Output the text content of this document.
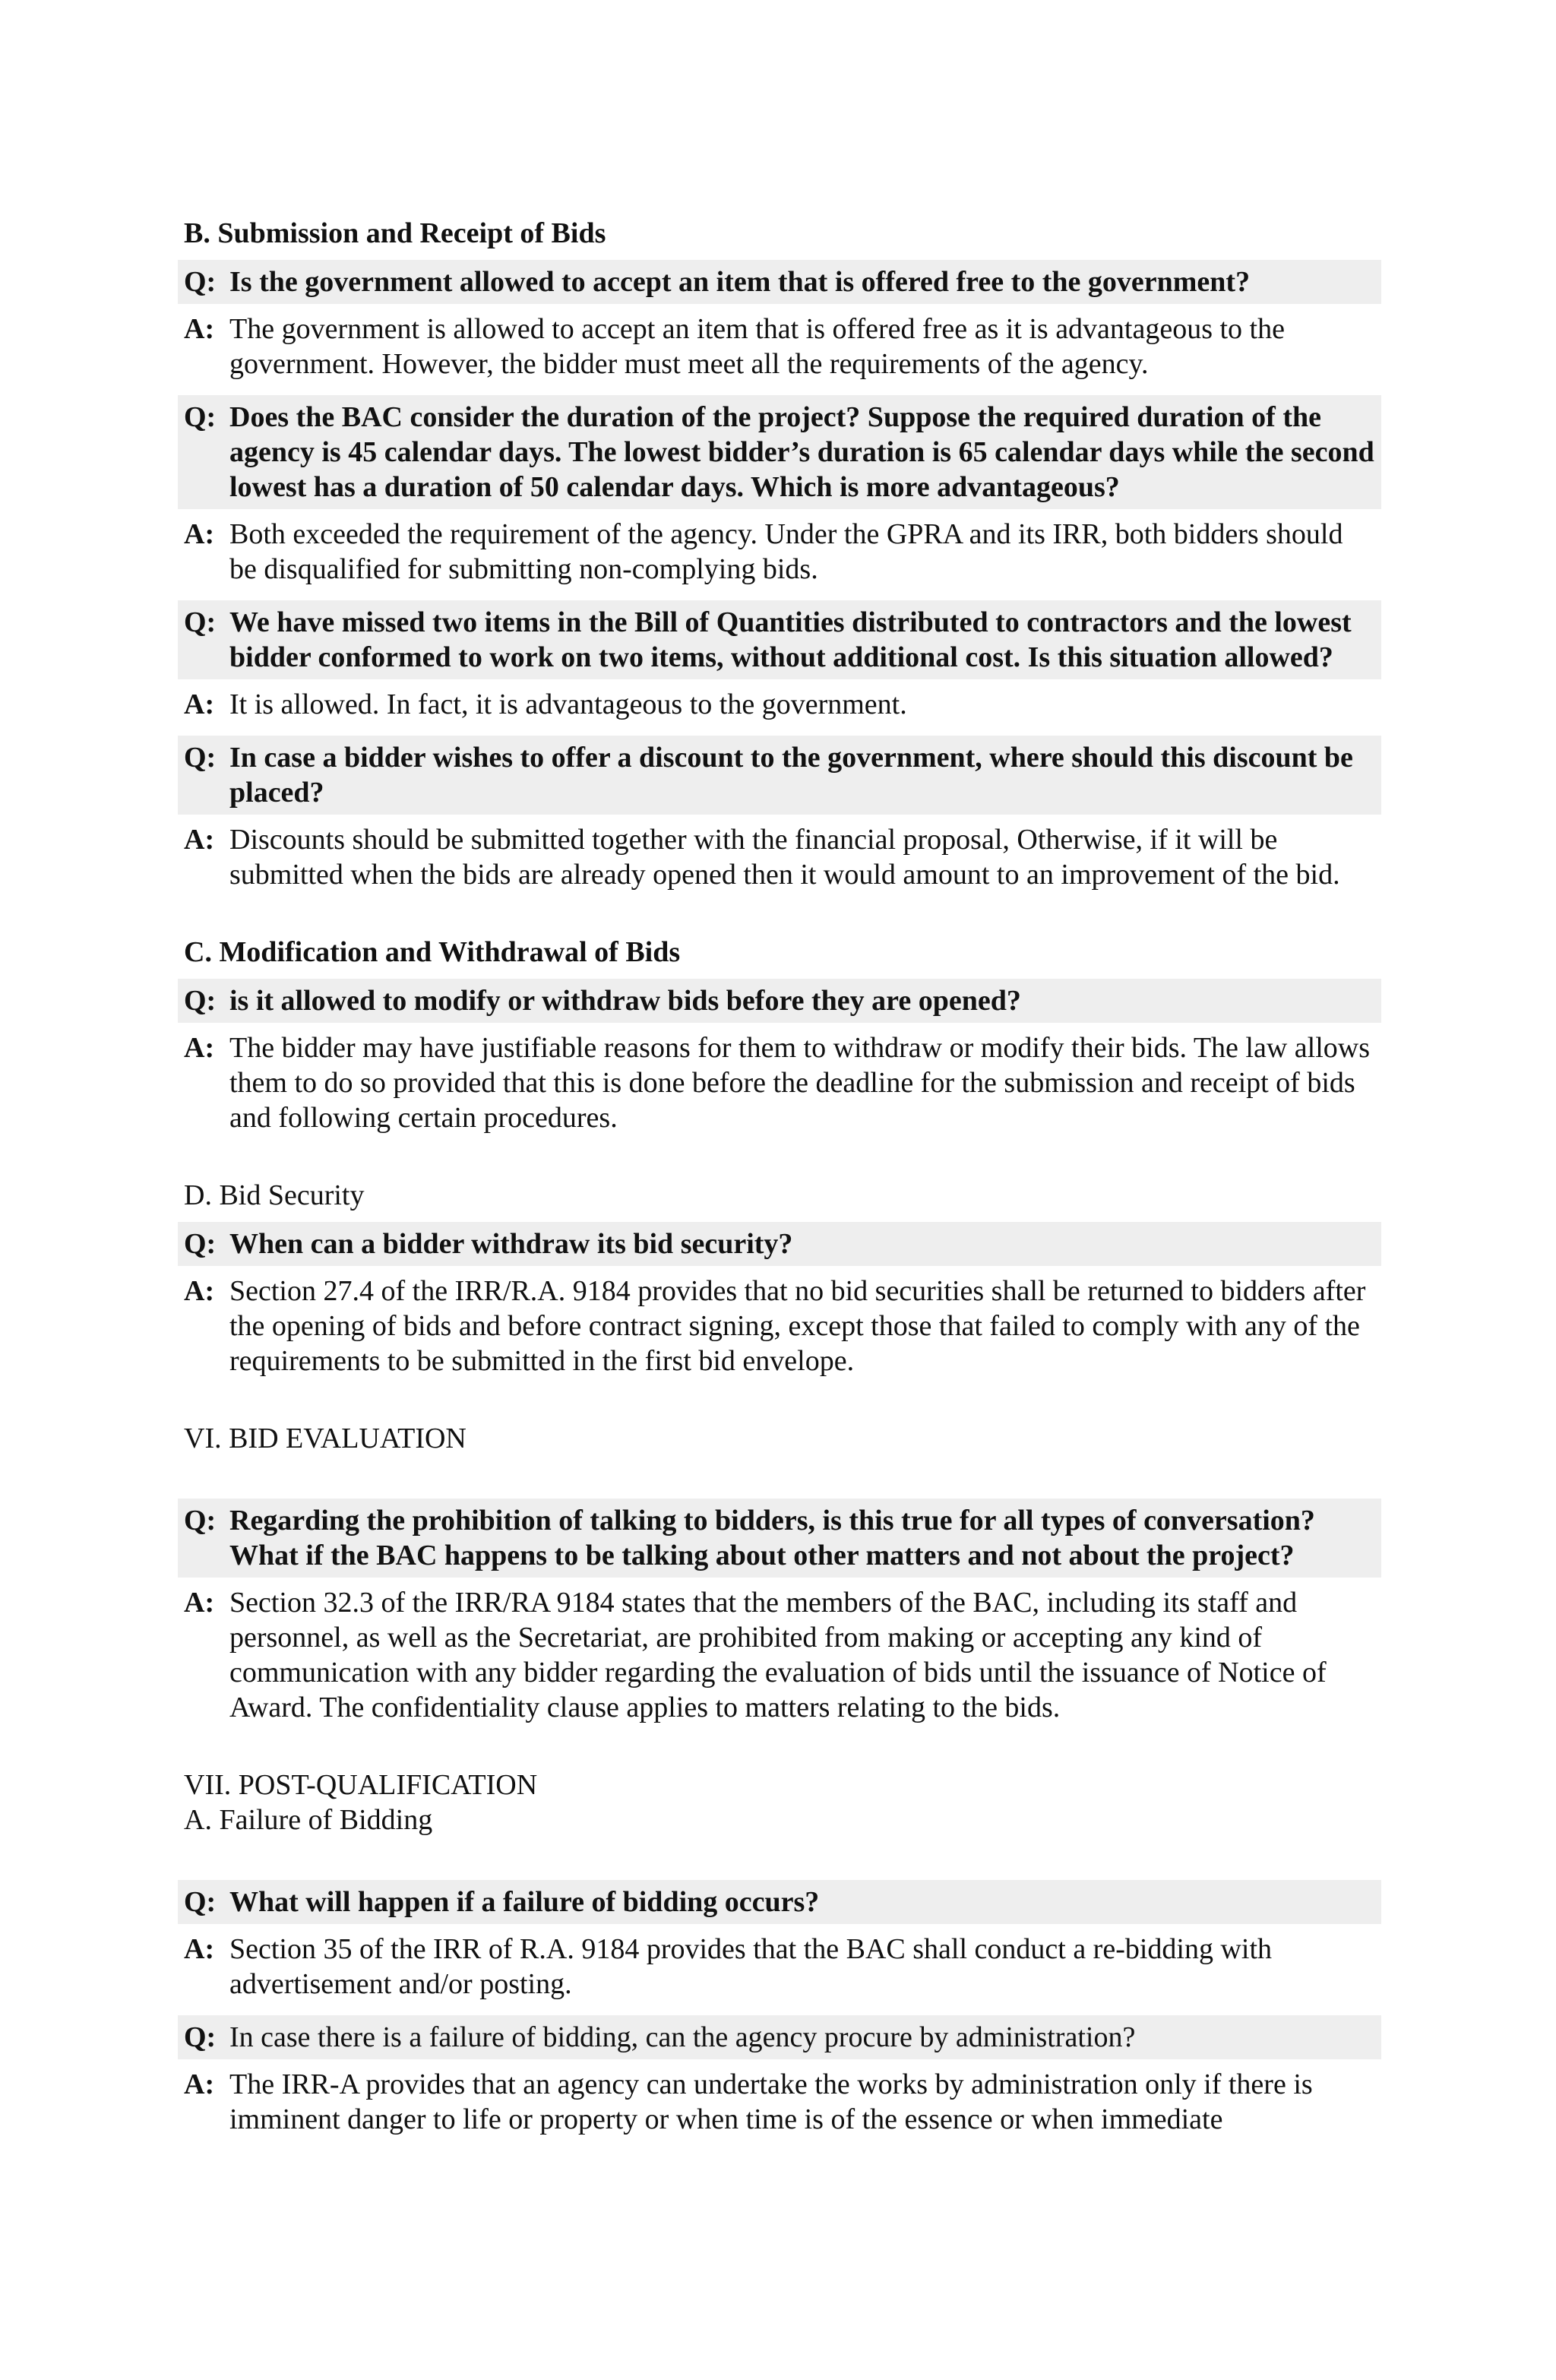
B. Submission and Receipt of Bids
Q: Is the government allowed to accept an item that is offered free to the government?
A: The government is allowed to accept an item that is offered free as it is advantageous to the government. However, the bidder must meet all the requirements of the agency.
Q: Does the BAC consider the duration of the project? Suppose the required duration of the agency is 45 calendar days. The lowest bidder’s duration is 65 calendar days while the second lowest has a duration of 50 calendar days. Which is more advantageous?
A: Both exceeded the requirement of the agency. Under the GPRA and its IRR, both bidders should be disqualified for submitting non-complying bids.
Q: We have missed two items in the Bill of Quantities distributed to contractors and the lowest bidder conformed to work on two items, without additional cost. Is this situation allowed?
A: It is allowed. In fact, it is advantageous to the government.
Q: In case a bidder wishes to offer a discount to the government, where should this discount be placed?
A: Discounts should be submitted together with the financial proposal, Otherwise, if it will be submitted when the bids are already opened then it would amount to an improvement of the bid.
C. Modification and Withdrawal of Bids
Q: is it allowed to modify or withdraw bids before they are opened?
A: The bidder may have justifiable reasons for them to withdraw or modify their bids. The law allows them to do so provided that this is done before the deadline for the submission and receipt of bids and following certain procedures.
D. Bid Security
Q: When can a bidder withdraw its bid security?
A: Section 27.4 of the IRR/R.A. 9184 provides that no bid securities shall be returned to bidders after the opening of bids and before contract signing, except those that failed to comply with any of the requirements to be submitted in the first bid envelope.
VI. BID EVALUATION
Q: Regarding the prohibition of talking to bidders, is this true for all types of conversation? What if the BAC happens to be talking about other matters and not about the project?
A: Section 32.3 of the IRR/RA 9184 states that the members of the BAC, including its staff and personnel, as well as the Secretariat, are prohibited from making or accepting any kind of communication with any bidder regarding the evaluation of bids until the issuance of Notice of Award. The confidentiality clause applies to matters relating to the bids.
VII. POST-QUALIFICATION
A. Failure of Bidding
Q: What will happen if a failure of bidding occurs?
A: Section 35 of the IRR of R.A. 9184 provides that the BAC shall conduct a re-bidding with advertisement and/or posting.
Q: In case there is a failure of bidding, can the agency procure by administration?
A: The IRR-A provides that an agency can undertake the works by administration only if there is imminent danger to life or property or when time is of the essence or when immediate
